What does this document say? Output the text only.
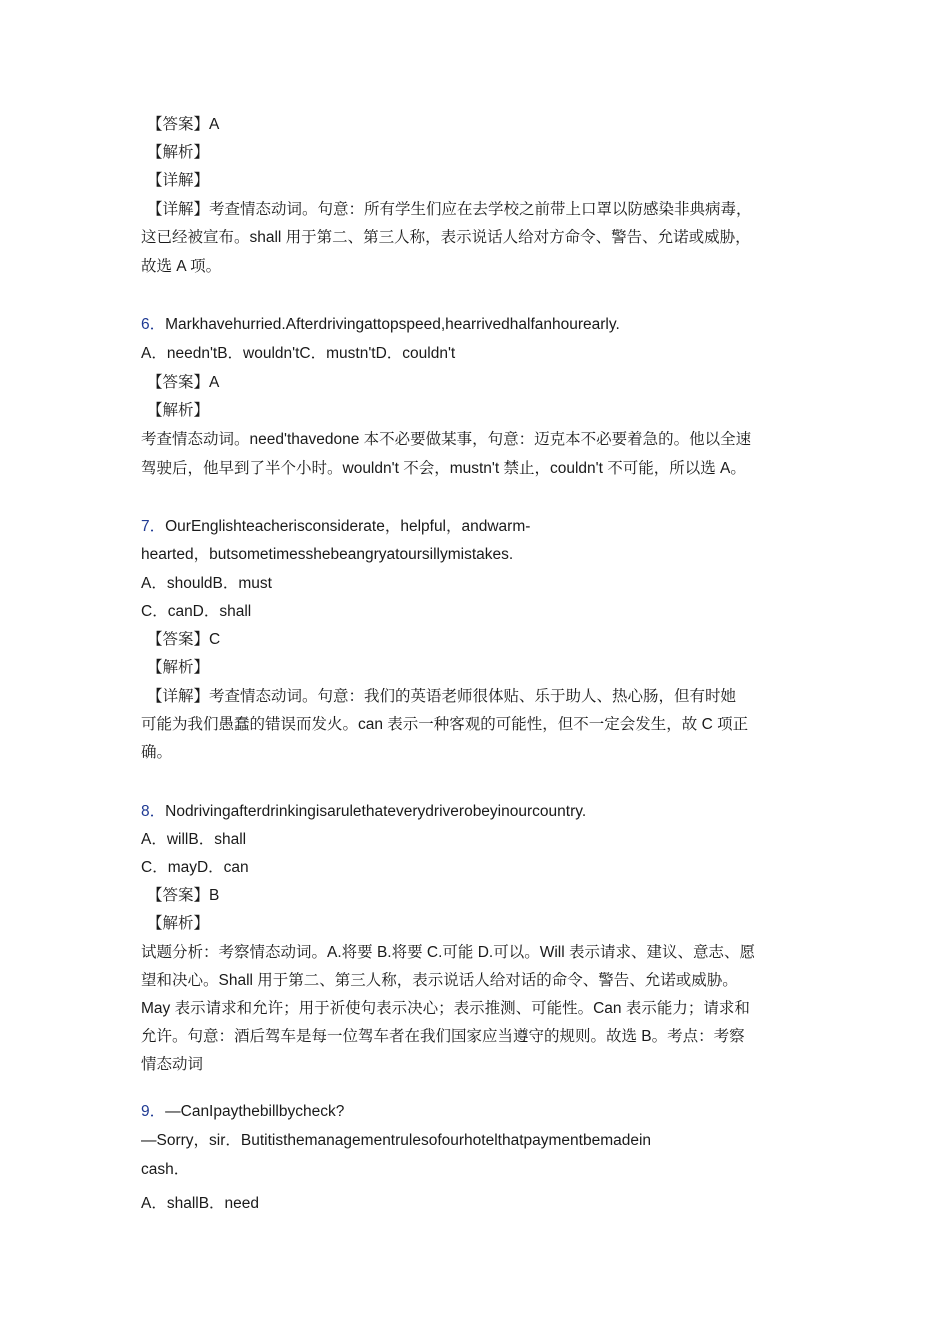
【答案】A
【解析】
【详解】
【详解】考查情态动词。句意：所有学生们应在去学校之前带上口罩以防感染非典病毒，
这已经被宣布。shall 用于第二、第三人称，表示说话人给对方命令、警告、允诺或威胁，
故选 A 项。
6．Markhavehurried.Afterdrivingattopspeed,hearrivedhalfanhourearly.
A．needn'tB．wouldn'tC．mustn'tD．couldn't
【答案】A
【解析】
考查情态动词。need'thavedone 本不必要做某事，句意：迈克本不必要着急的。他以全速
驾驶后，他早到了半个小时。wouldn't 不会，mustn't 禁止，couldn't 不可能，所以选 A。
7．OurEnglishteacherisconsiderate，helpful，andwarm-
hearted，butsometimesshebeangryatoursillymistakes.
A．shouldB．must
C．canD．shall
【答案】C
【解析】
【详解】考查情态动词。句意：我们的英语老师很体贴、乐于助人、热心肠，但有时她
可能为我们愚蠢的错误而发火。can 表示一种客观的可能性，但不一定会发生，故 C 项正
确。
8．Nodrivingafterdrinkingisarulethateverydriverobeyinourcountry.
A．willB．shall
C．mayD．can
【答案】B
【解析】
试题分析：考察情态动词。A.将要 B.将要 C.可能 D.可以。Will 表示请求、建议、意志、愿
望和决心。Shall 用于第二、第三人称，表示说话人给对话的命令、警告、允诺或威胁。
May 表示请求和允许；用于祈使句表示决心；表示推测、可能性。Can 表示能力；请求和
允许。句意：酒后驾车是每一位驾车者在我们国家应当遵守的规则。故选 B。考点：考察
情态动词
9．—CanIpaythebillbycheck?
—Sorry，sir．Butitisthemanagementrulesofourhotelthatpaymentbemadein
cash．
A．shallB．need
